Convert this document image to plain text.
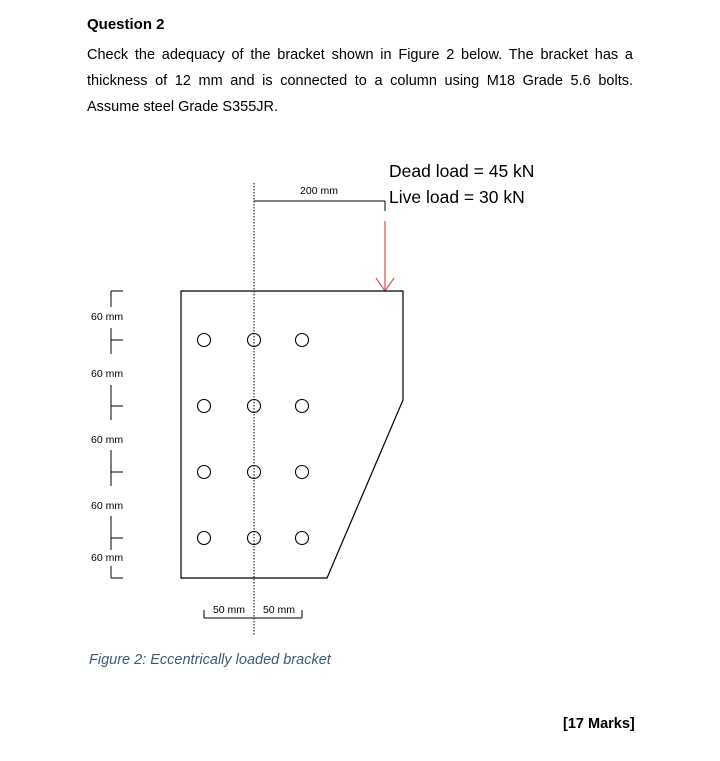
Question 2

Check the adequacy of the bracket shown in Figure 2 below. The bracket has a thickness of 12 mm and is connected to a column using M18 Grade 5.6 bolts. Assume steel Grade S355JR.

200 mm
Dead load = 45 kN
Live load = 30 kN
60 mm
60 mm
60 mm
60 mm
60 mm
50 mm 50 mm

Figure 2: Eccentrically loaded bracket

[17 Marks]
